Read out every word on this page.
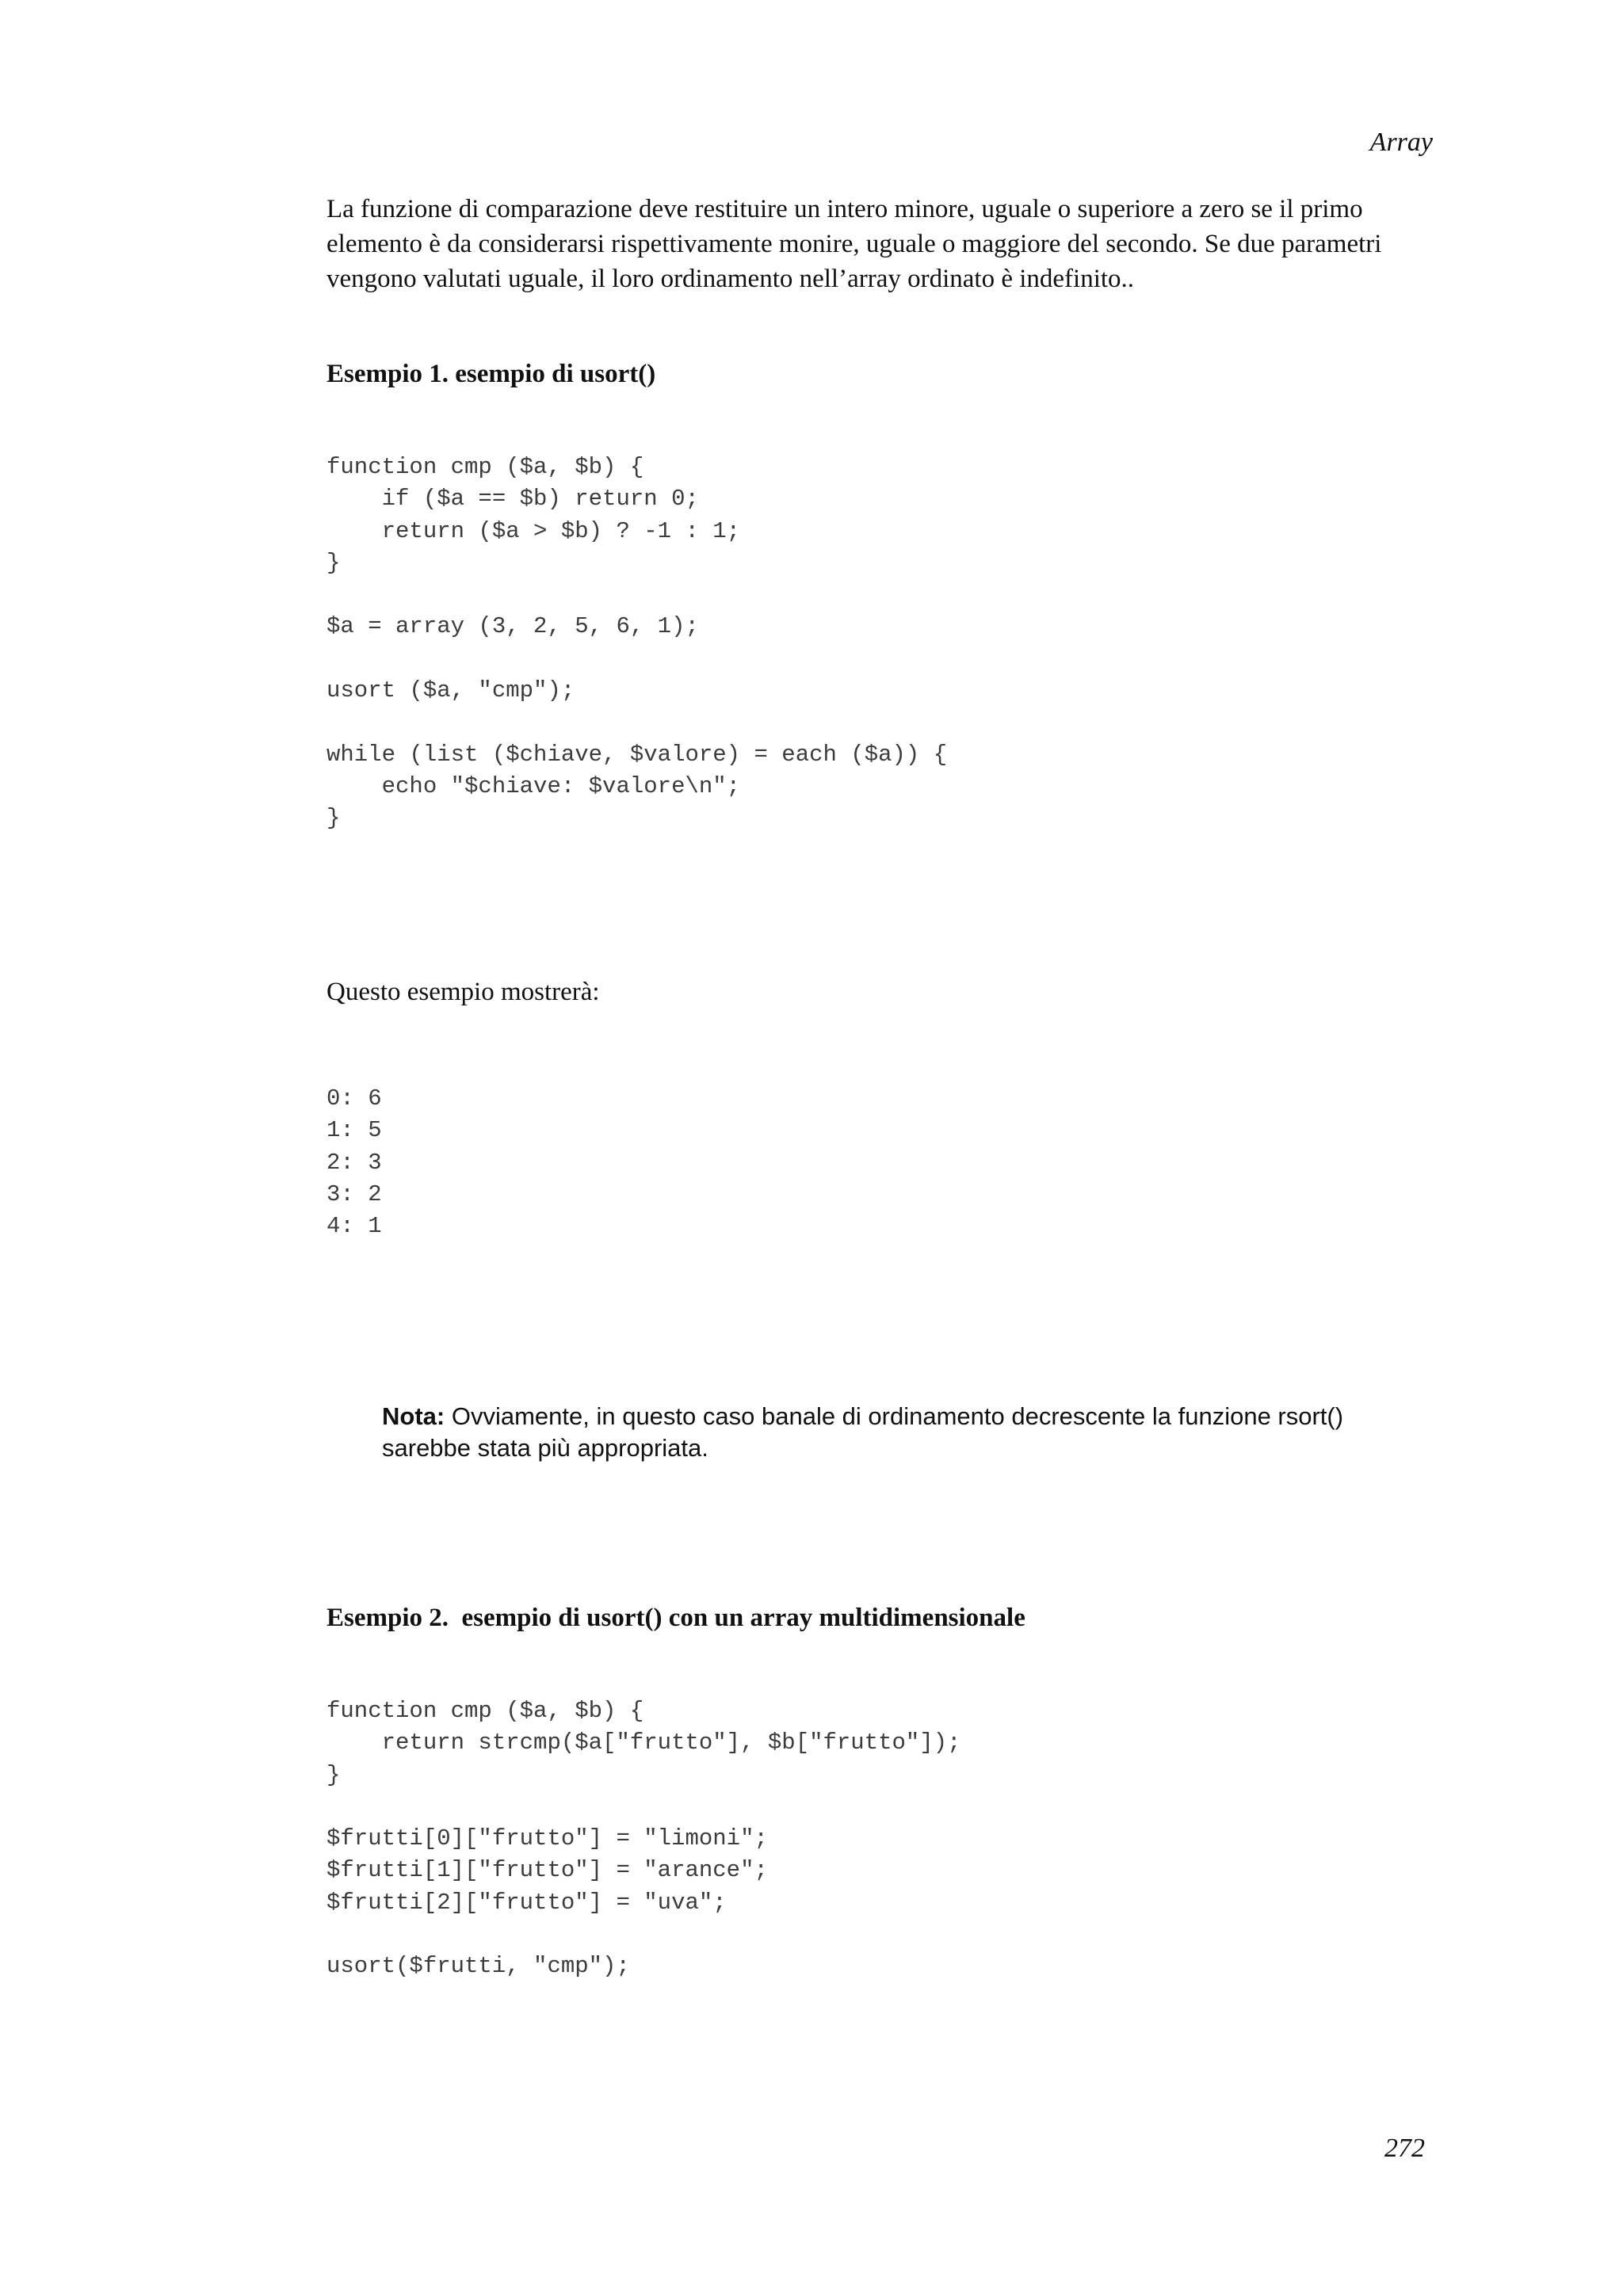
Array

La funzione di comparazione deve restituire un intero minore, uguale o superiore a zero se il primo elemento è da considerarsi rispettivamente monire, uguale o maggiore del secondo. Se due parametri vengono valutati uguale, il loro ordinamento nell’array ordinato è indefinito..

Esempio 1. esempio di usort()
function cmp ($a, $b) {
if ($a == $b) return 0;
return ($a > $b) ? -1 : 1;
}

$a = array (3, 2, 5, 6, 1);

usort ($a, "cmp");

while (list ($chiave, $valore) = each ($a)) {
echo "$chiave: $valore\n";
}

Questo esempio mostrerà:

0: 6
1: 5
2: 3
3: 2
4: 1

Nota: Ovviamente, in questo caso banale di ordinamento decrescente la funzione rsort() sarebbe stata più appropriata.

Esempio 2.  esempio di usort() con un array multidimensionale
function cmp ($a, $b) {
return strcmp($a["frutto"], $b["frutto"]);
}

$frutti[0]["frutto"] = "limoni";
$frutti[1]["frutto"] = "arance";
$frutti[2]["frutto"] = "uva";

usort($frutti, "cmp");
272
